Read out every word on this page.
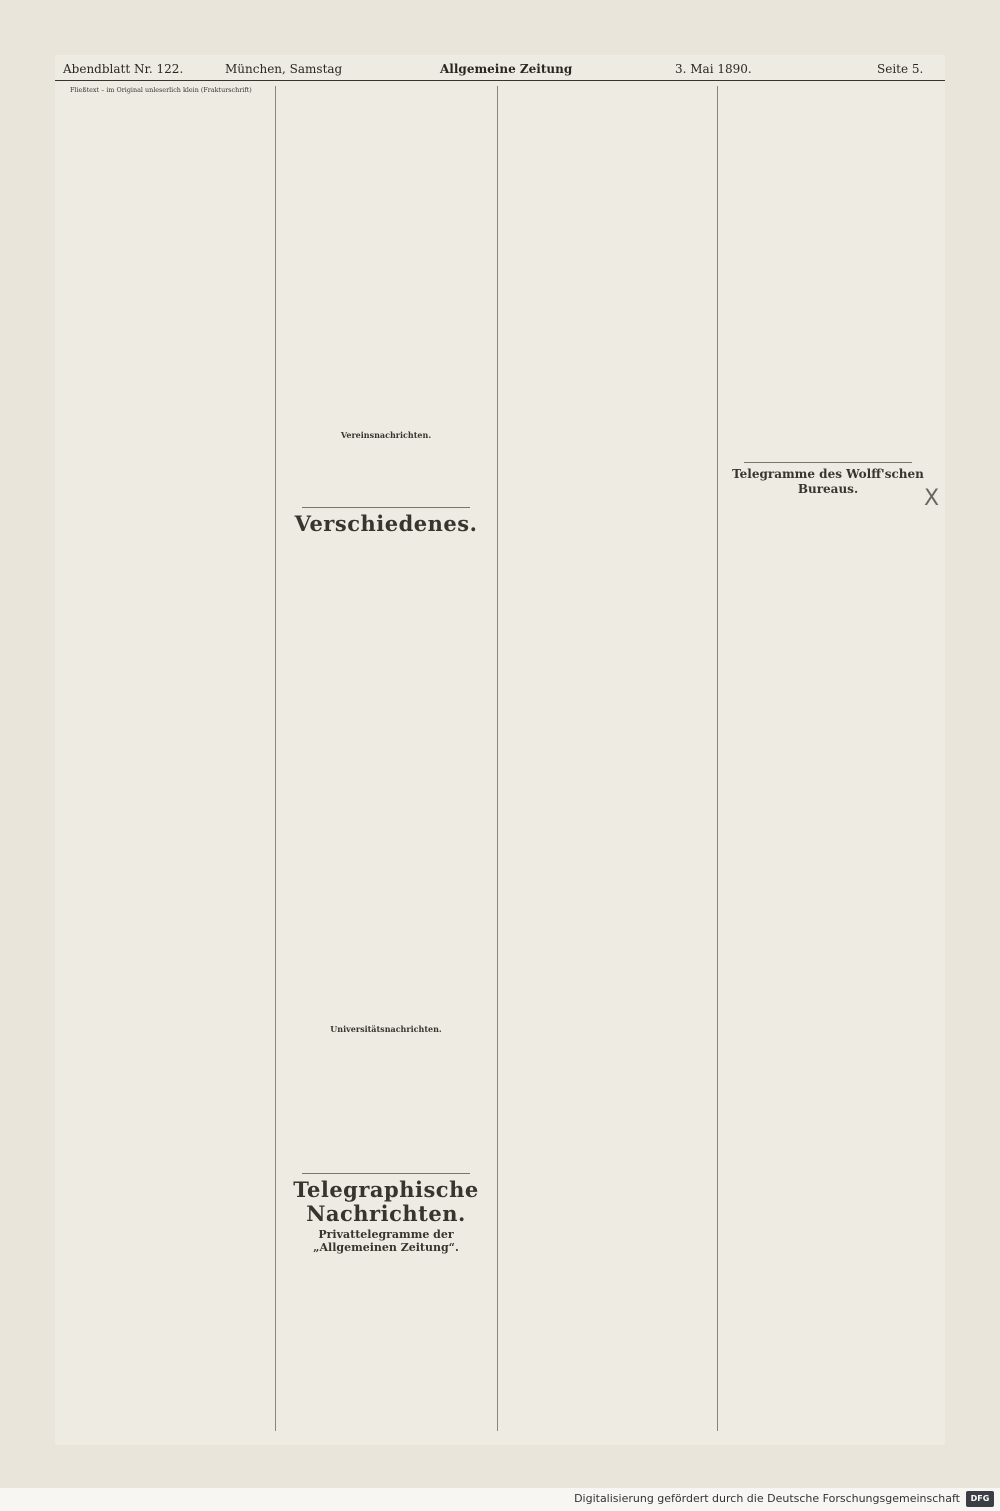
Abendblatt Nr. 122.	München, Samstag	Allgemeine Zeitung	3. Mai 1890.	Seite 5.

Fließtext – im Original unleserlich klein (Frakturschrift)

Vereinsnachrichten.

Verschiedenes.

Universitätsnachrichten.

Telegraphische Nachrichten.

Privattelegramme der „Allgemeinen Zeitung“.

Telegramme des Wolff'schen Bureaus.	X
Digitalisierung gefördert durch die Deutsche Forschungsgemeinschaft	DFG
